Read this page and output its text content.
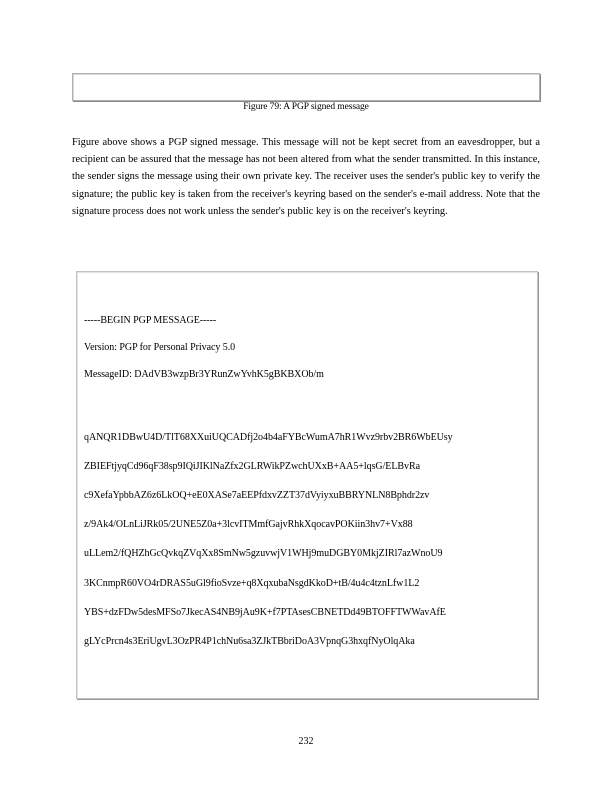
Figure 79: A PGP signed message
Figure above shows a PGP signed message. This message will not be kept secret from an eavesdropper, but a recipient can be assured that the message has not been altered from what the sender transmitted. In this instance, the sender signs the message using their own private key. The receiver uses the sender's public key to verify the signature; the public key is taken from the receiver's keyring based on the sender's e-mail address. Note that the signature process does not work unless the sender's public key is on the receiver's keyring.
-----BEGIN PGP MESSAGE-----
Version: PGP for Personal Privacy 5.0
MessageID: DAdVB3wzpBr3YRunZwYvhK5gBKBXOb/m
qANQR1DBwU4D/TlT68XXuiUQCADfj2o4b4aFYBcWumA7hR1Wvz9rbv2BR6WbEUsy
ZBIEFtjyqCd96qF38sp9IQiJIKlNaZfx2GLRWikPZwchUXxB+AA5+lqsG/ELBvRa
c9XefaYpbbAZ6z6LkOQ+eE0XASe7aEEPfdxvZZT37dVyiyxuBBRYNLN8Bphdr2zv
z/9Ak4/OLnLiJRk05/2UNE5Z0a+3lcvITMmfGajvRhkXqocavPOKiin3hv7+Vx88
uLLem2/fQHZhGcQvkqZVqXx8SmNw5gzuvwjV1WHj9muDGBY0MkjZIRl7azWnoU9
3KCnmpR60VO4rDRAS5uGl9fioSvze+q8XqxubaNsgdKkoD+tB/4u4c4tznLfw1L2
YBS+dzFDw5desMFSo7JkecAS4NB9jAu9K+f7PTAsesCBNETDd49BTOFFTWWavAfE
gLYcPrcn4s3EriUgvL3OzPR4P1chNu6sa3ZJkTBbriDoA3VpnqG3hxqfNyOlqAka
232
